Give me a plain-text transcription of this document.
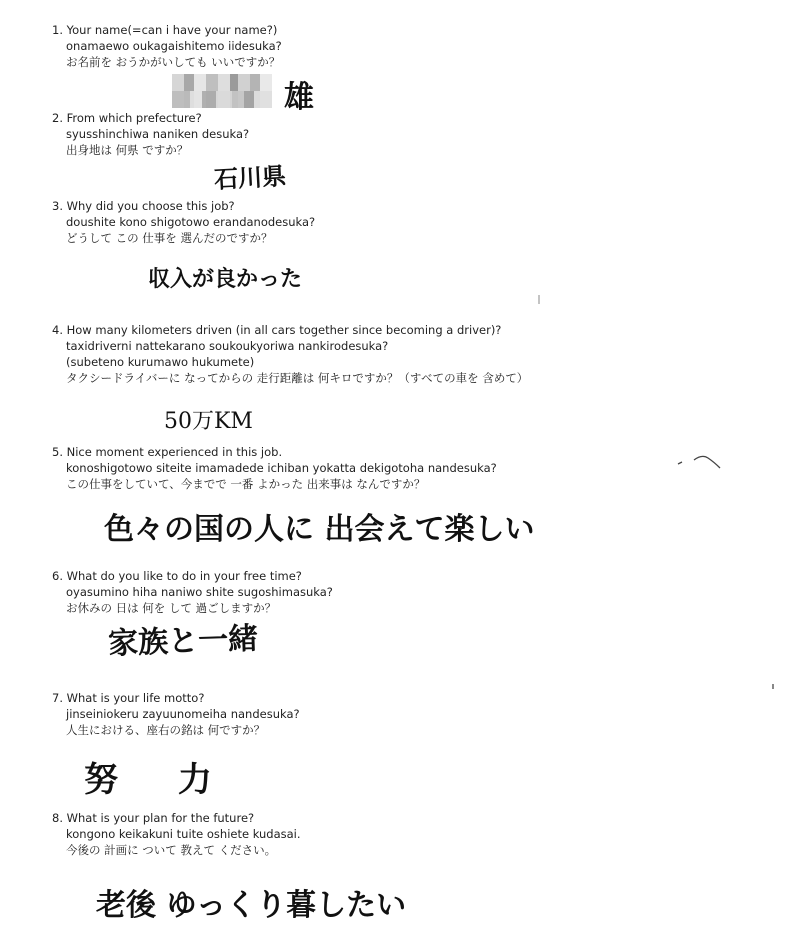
1. Your name(=can i have your name?)
onamaewo oukagaishitemo iidesuka?
お名前を おうかがいしても いいですか？
雄
2. From which prefecture?
syusshinchiwa naniken desuka?
出身地は 何県 ですか？
石川県
3. Why did you choose this job?
doushite kono shigotowo erandanodesuka?
どうして この 仕事を 選んだのですか？
収入が良かった
4. How many kilometers driven (in all cars together since becoming a driver)?
taxidriverni nattekarano soukoukyoriwa nankirodesuka?
(subeteno kurumawo hukumete)
タクシードライバーに なってからの 走行距離は 何キロですか？（すべての車を 含めて）
50万KM
5. Nice moment experienced in this job.
konoshigotowo siteite imamadede ichiban yokatta dekigotoha nandesuka?
この仕事をしていて、今までで 一番 よかった 出来事は なんですか？
色々の国の人に 出会えて楽しい
6. What do you like to do in your free time?
oyasumino hiha naniwo shite sugoshimasuka?
お休みの 日は 何を して 過ごしますか？
家族と一緒
7. What is your life motto?
jinseiniokeru zayuunomeiha nandesuka?
人生における、座右の銘は 何ですか？
努 力
8. What is your plan for the future?
kongono keikakuni tuite oshiete kudasai.
今後の 計画に ついて 教えて ください。
老後 ゆっくり暮したい
